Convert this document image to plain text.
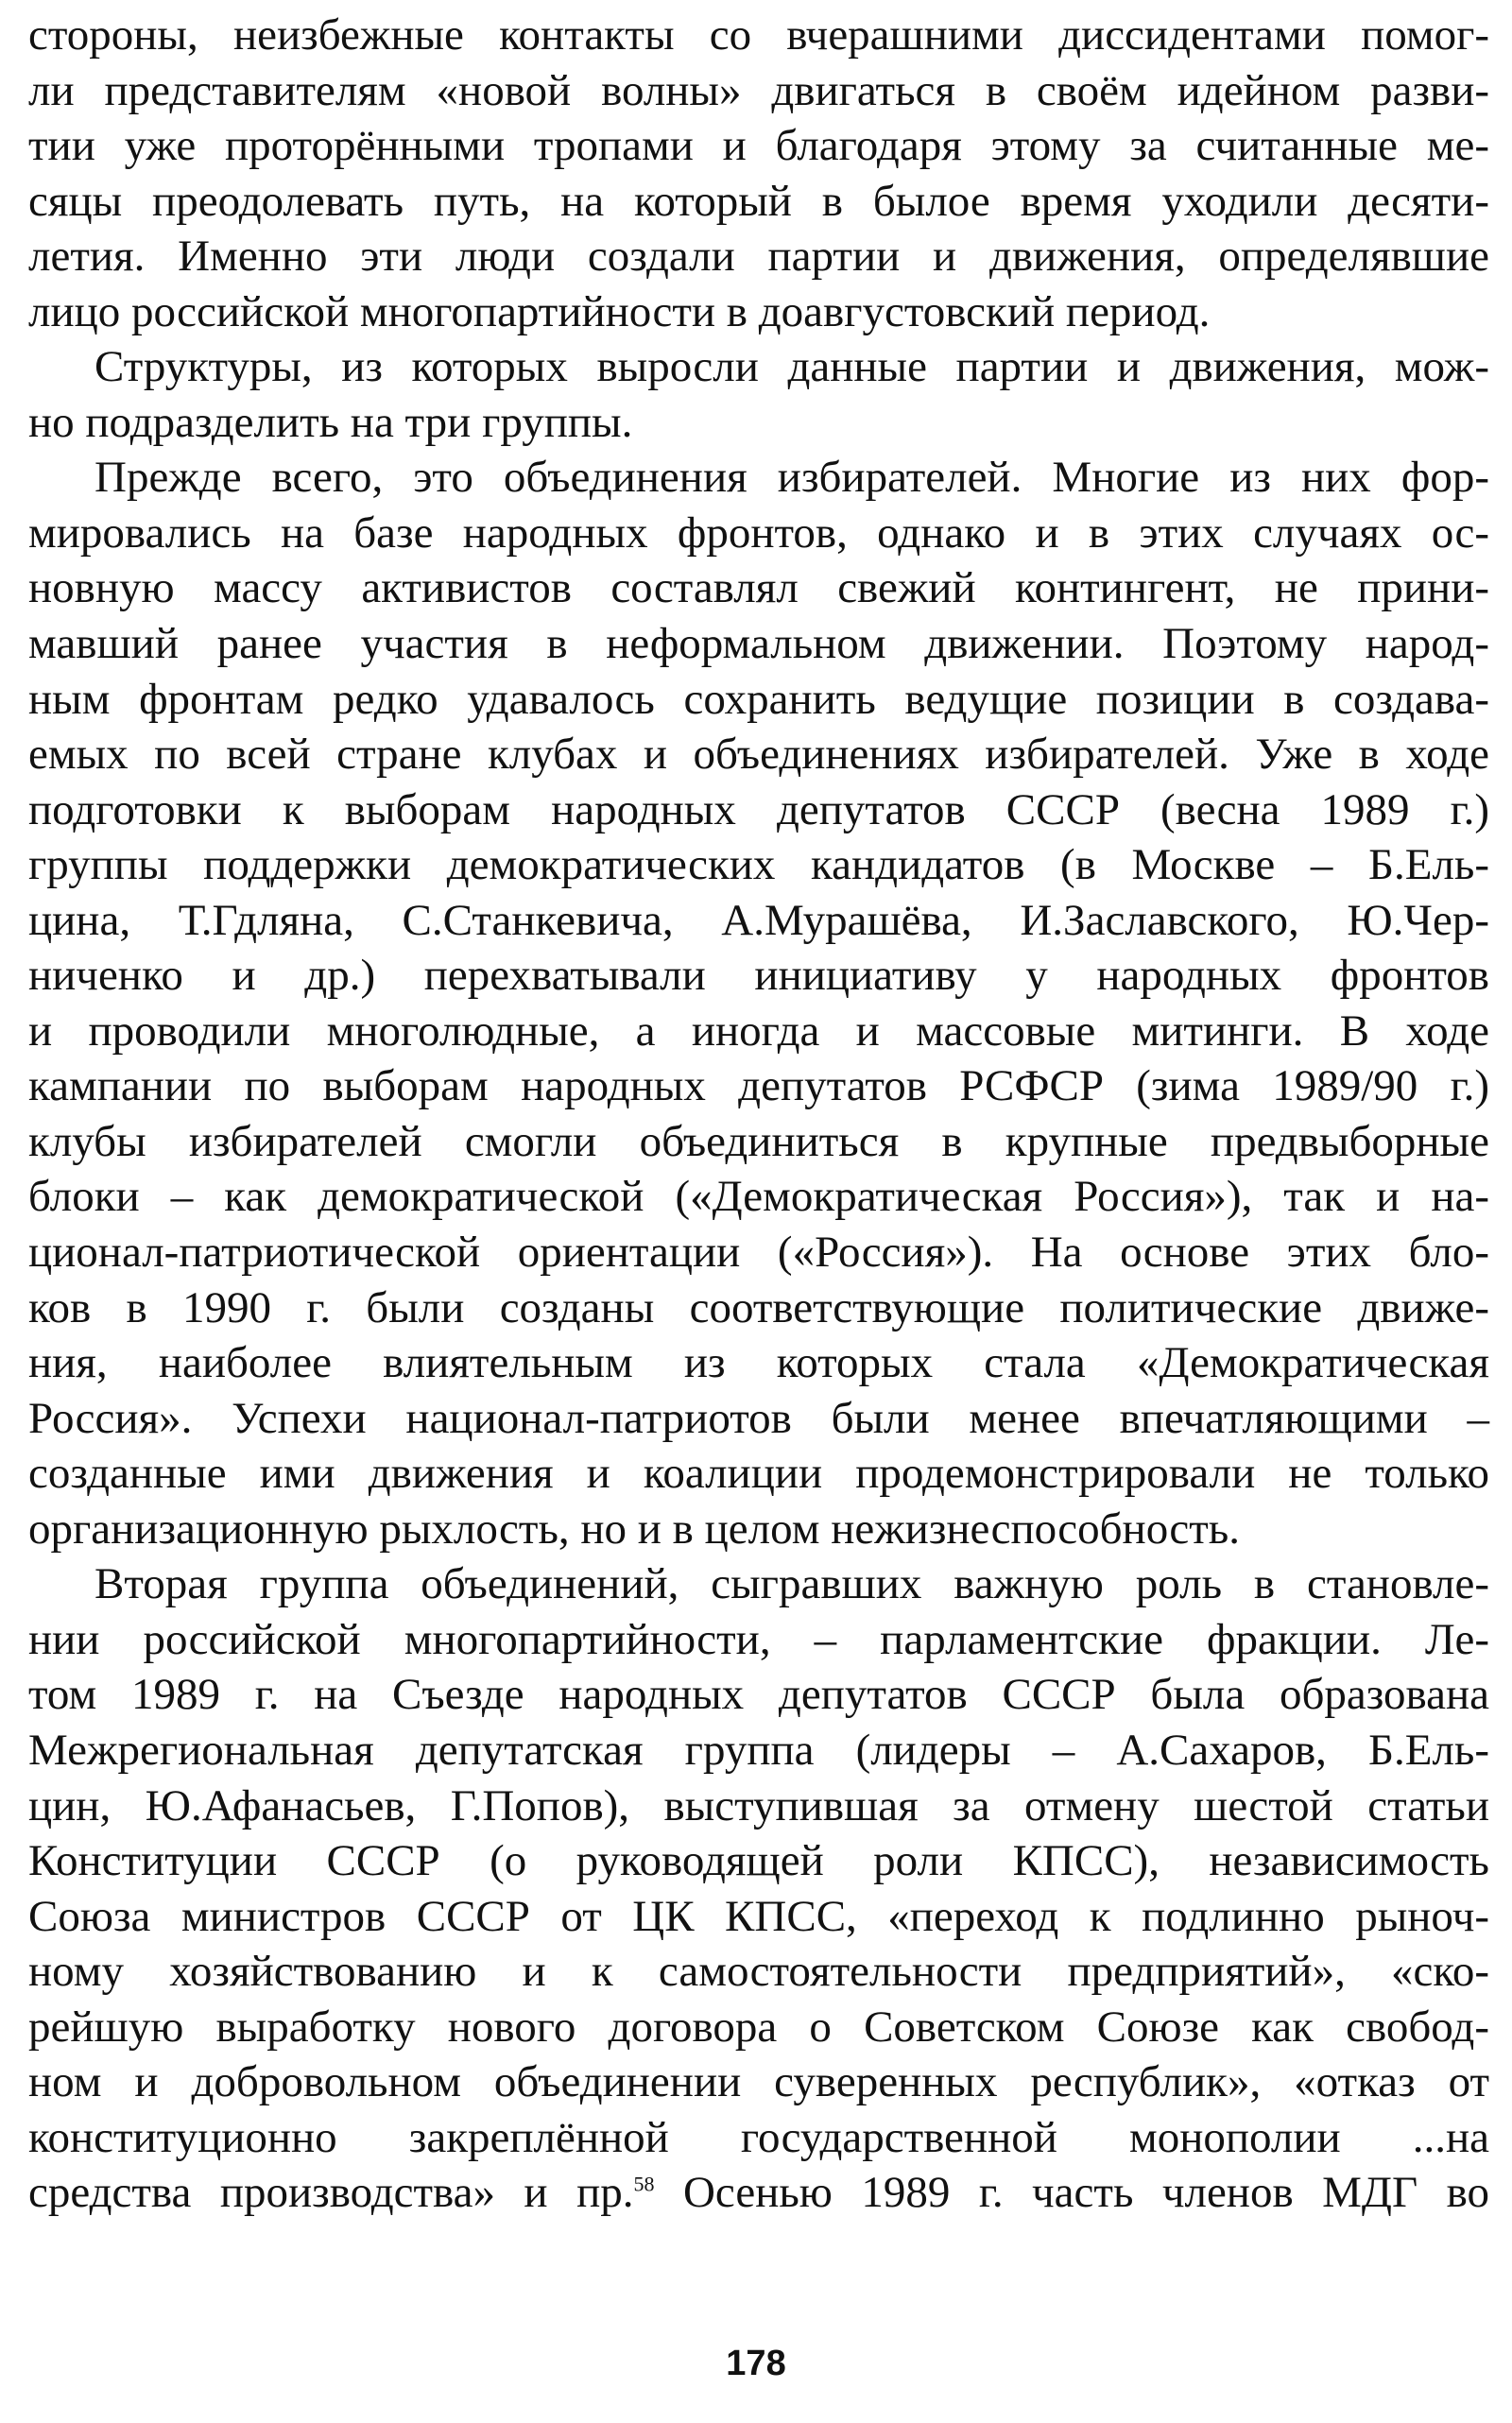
стороны, неизбежные контакты со вчерашними диссидентами помог-
ли представителям «новой волны» двигаться в своём идейном разви-
тии уже проторёнными тропами и благодаря этому за считанные ме-
сяцы преодолевать путь, на который в былое время уходили десяти-
летия. Именно эти люди создали партии и движения, определявшие
лицо российской многопартийности в доавгустовский период.
Структуры, из которых выросли данные партии и движения, мож-
но подразделить на три группы.
Прежде всего, это объединения избирателей. Многие из них фор-
мировались на базе народных фронтов, однако и в этих случаях ос-
новную массу активистов составлял свежий контингент, не прини-
мавший ранее участия в неформальном движении. Поэтому народ-
ным фронтам редко удавалось сохранить ведущие позиции в создава-
емых по всей стране клубах и объединениях избирателей. Уже в ходе
подготовки к выборам народных депутатов СССР (весна 1989 г.)
группы поддержки демократических кандидатов (в Москве – Б.Ель-
цина, Т.Гдляна, С.Станкевича, А.Мурашёва, И.Заславского, Ю.Чер-
ниченко и др.) перехватывали инициативу у народных фронтов
и проводили многолюдные, а иногда и массовые митинги. В ходе
кампании по выборам народных депутатов РСФСР (зима 1989/90 г.)
клубы избирателей смогли объединиться в крупные предвыборные
блоки – как демократической («Демократическая Россия»), так и на-
ционал-патриотической ориентации («Россия»). На основе этих бло-
ков в 1990 г. были созданы соответствующие политические движе-
ния, наиболее влиятельным из которых стала «Демократическая
Россия». Успехи национал-патриотов были менее впечатляющими –
созданные ими движения и коалиции продемонстрировали не только
организационную рыхлость, но и в целом нежизнеспособность.
Вторая группа объединений, сыгравших важную роль в становле-
нии российской многопартийности, – парламентские фракции. Ле-
том 1989 г. на Съезде народных депутатов СССР была образована
Межрегиональная депутатская группа (лидеры – А.Сахаров, Б.Ель-
цин, Ю.Афанасьев, Г.Попов), выступившая за отмену шестой статьи
Конституции СССР (о руководящей роли КПСС), независимость
Союза министров СССР от ЦК КПСС, «переход к подлинно рыноч-
ному хозяйствованию и к самостоятельности предприятий», «ско-
рейшую выработку нового договора о Советском Союзе как свобод-
ном и добровольном объединении суверенных республик», «отказ от
конституционно закреплённой государственной монополии ...на
средства производства» и пр.$^{58}$ Осенью 1989 г. часть членов МДГ во
178
